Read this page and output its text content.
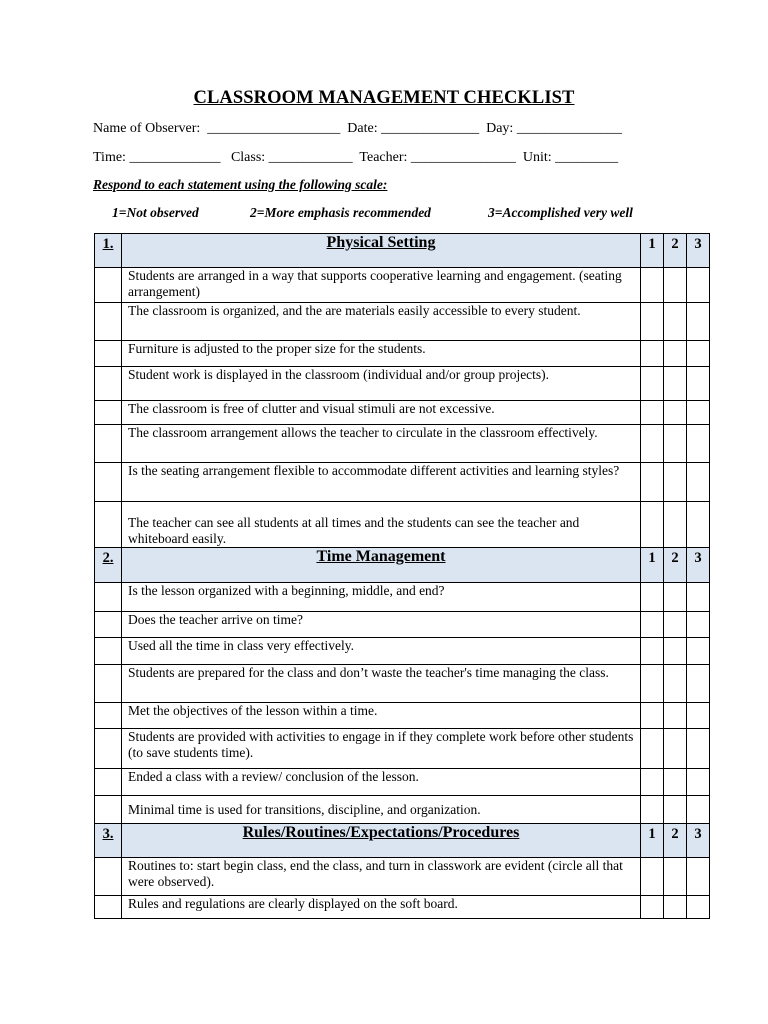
CLASSROOM MANAGEMENT CHECKLIST
Name of Observer:  ___________________  Date: ______________  Day: _______________
Time: _____________   Class: ____________  Teacher: _______________  Unit: _________
Respond to each statement using the following scale:
1=Not observed	2=More emphasis recommended	3=Accomplished very well
1.	Physical Setting	1	2	3
	Students are arranged in a way that supports cooperative learning and engagement. (seating arrangement)			
	The classroom is organized, and the are materials easily accessible to every student.			
	Furniture is adjusted to the proper size for the students.			
	Student work is displayed in the classroom (individual and/or group projects).			
	The classroom is free of clutter and visual stimuli are not excessive.			
	The classroom arrangement allows the teacher to circulate in the classroom effectively.			
	Is the seating arrangement flexible to accommodate different activities and learning styles?			
	The teacher can see all students at all times and the students can see the teacher and whiteboard easily.			
2.	Time Management	1	2	3
	Is the lesson organized with a beginning, middle, and end?			
	Does the teacher arrive on time?			
	Used all the time in class very effectively.			
	Students are prepared for the class and don’t waste the teacher's time managing the class.			
	Met the objectives of the lesson within a time.			
	Students are provided with activities to engage in if they complete work before other students (to save students time).			
	Ended a class with a review/ conclusion of the lesson.			
	Minimal time is used for transitions, discipline, and organization.			
3.	Rules/Routines/Expectations/Procedures	1	2	3
	Routines to: start begin class, end the class, and turn in classwork are evident (circle all that were observed).			
	Rules and regulations are clearly displayed on the soft board.			
